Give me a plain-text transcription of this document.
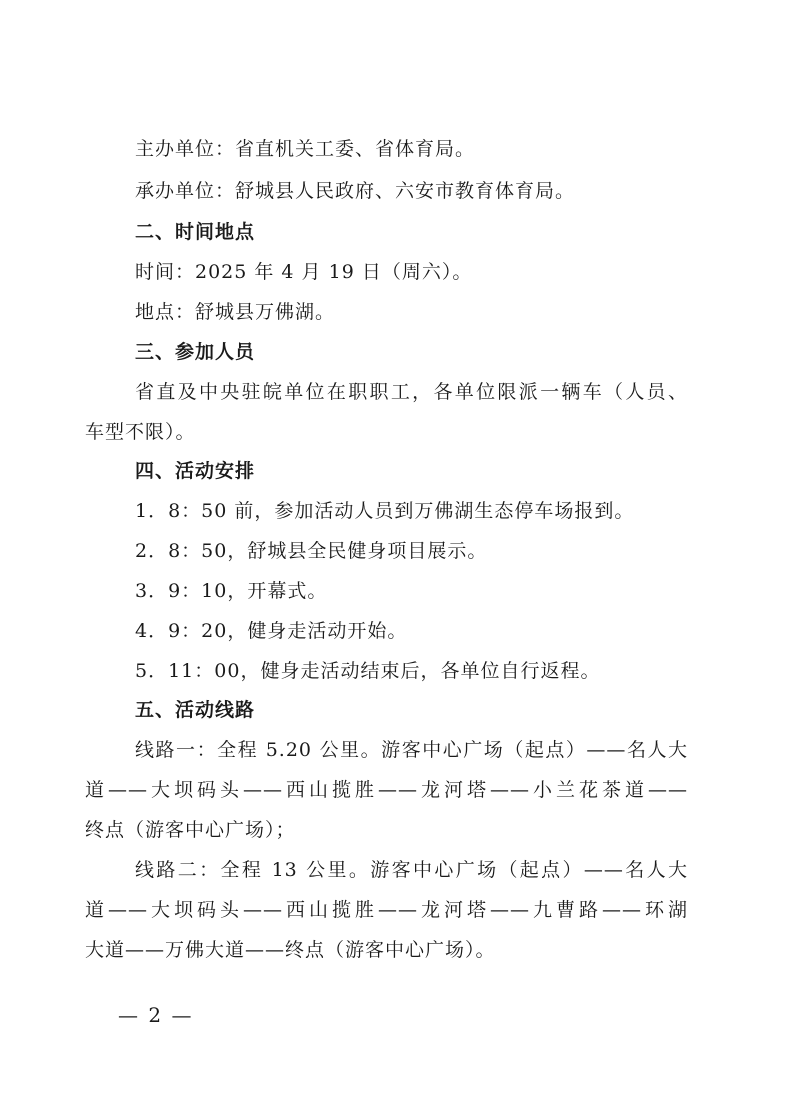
主办单位：省直机关工委、省体育局。
承办单位：舒城县人民政府、六安市教育体育局。
二、时间地点
时间：2025 年 4 月 19 日（周六）。
地点：舒城县万佛湖。
三、参加人员
省直及中央驻皖单位在职职工，各单位限派一辆车（人员、
车型不限）。
四、活动安排
1．8：50 前，参加活动人员到万佛湖生态停车场报到。
2．8：50，舒城县全民健身项目展示。
3．9：10，开幕式。
4．9：20，健身走活动开始。
5．11：00，健身走活动结束后，各单位自行返程。
五、活动线路
线路一：全程 5.20 公里。游客中心广场（起点）——名人大
道——大坝码头——西山揽胜——龙河塔——小兰花茶道——
终点（游客中心广场）；
线路二：全程 13 公里。游客中心广场（起点）——名人大
道——大坝码头——西山揽胜——龙河塔——九曹路——环湖
大道——万佛大道——终点（游客中心广场）。
— 2 —
